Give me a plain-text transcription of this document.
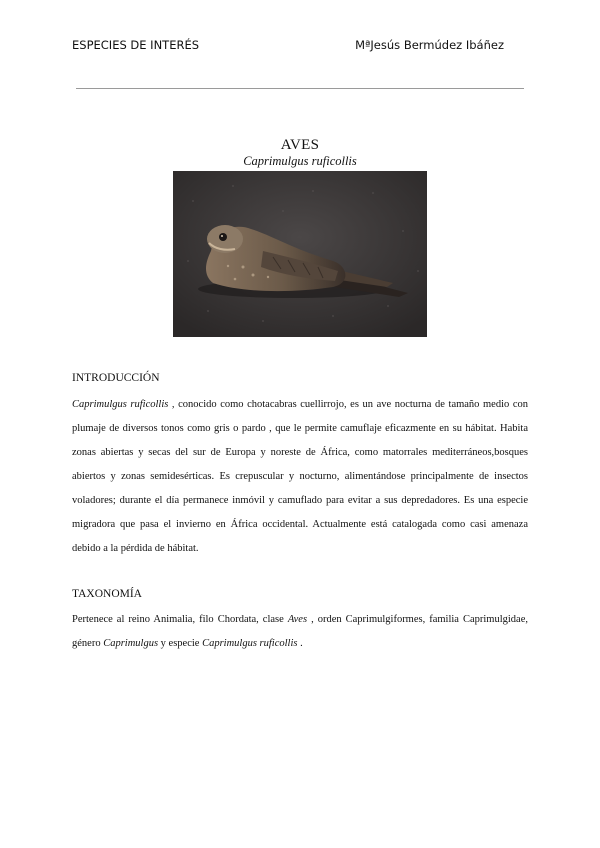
ESPECIES DE INTERÉS	MªJesús Bermúdez Ibáñez
AVES
Caprimulgus ruficollis
INTRODUCCIÓN
Caprimulgus ruficollis , conocido como chotacabras cuellirrojo, es un ave nocturna de tamaño medio con plumaje de diversos tonos como gris o pardo , que le permite camuflaje eficazmente en su hábitat. Habita zonas abiertas y secas del sur de Europa y noreste de África, como matorrales mediterráneos,bosques abiertos y zonas semidesérticas. Es crepuscular y nocturno, alimentándose principalmente de insectos voladores; durante el día permanece inmóvil y camuflado para evitar a sus depredadores. Es una especie migradora que pasa el invierno en África occidental. Actualmente está catalogada como casi amenaza debido a la pérdida de hábitat.
TAXONOMÍA
Pertenece al reino Animalia, filo Chordata, clase Aves , orden Caprimulgiformes, familia Caprimulgidae, género Caprimulgus y especie Caprimulgus ruficollis .
